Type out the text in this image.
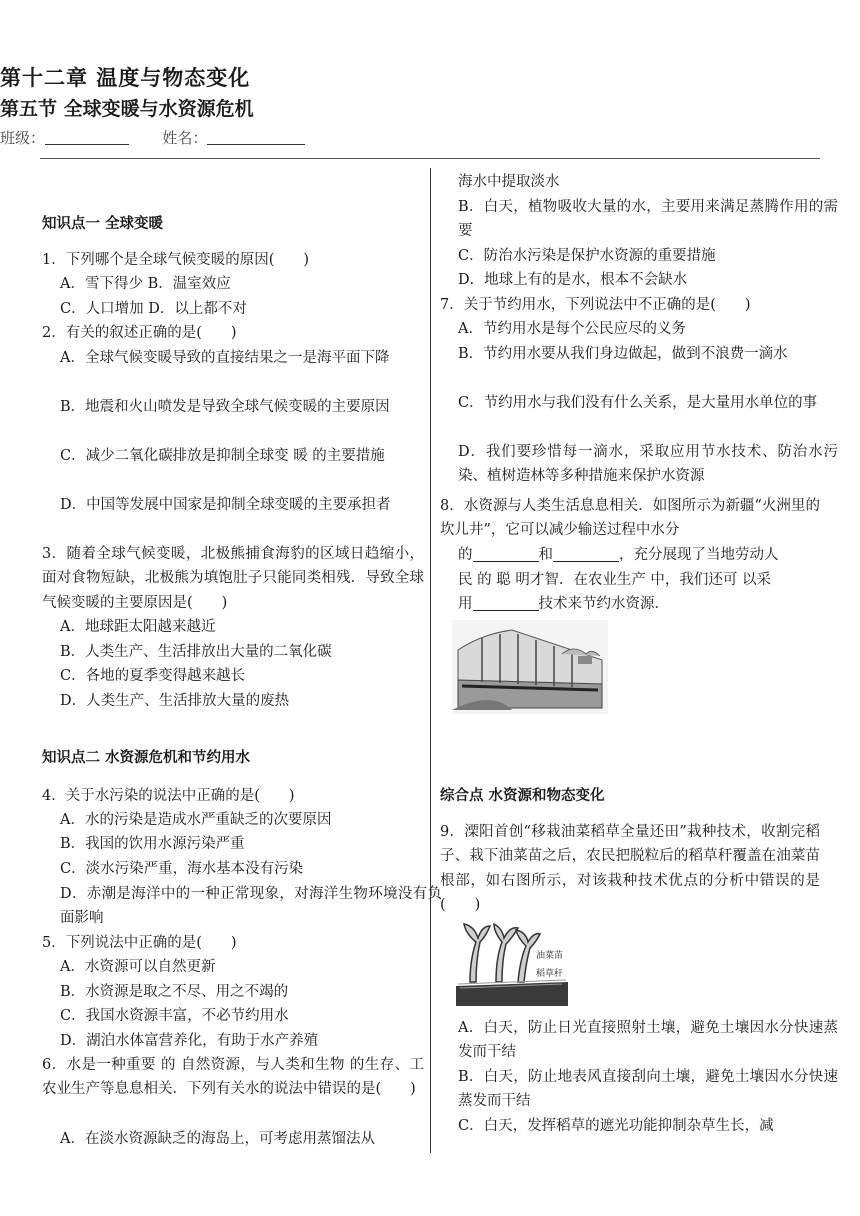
第十二章 温度与物态变化
第五节 全球变暖与水资源危机
班级：	姓名：
知识点一 全球变暖
1．下列哪个是全球气候变暖的原因(　　)
A．雪下得少 B．温室效应
C．人口增加 D．以上都不对
2．有关的叙述正确的是(　　)
A．全球气候变暖导致的直接结果之一是海平面下降
B．地震和火山喷发是导致全球气候变暖的主要原因
C．减少二氧化碳排放是抑制全球变 暖 的主要措施
D．中国等发展中国家是抑制全球变暖的主要承担者
3．随着全球气候变暖，北极熊捕食海豹的区域日趋缩小，面对食物短缺，北极熊为填饱肚子只能同类相残．导致全球气候变暖的主要原因是(　　)
A．地球距太阳越来越近
B．人类生产、生活排放出大量的二氧化碳
C．各地的夏季变得越来越长
D．人类生产、生活排放大量的废热
知识点二 水资源危机和节约用水
4．关于水污染的说法中正确的是(　　)
A．水的污染是造成水严重缺乏的次要原因
B．我国的饮用水源污染严重
C．淡水污染严重，海水基本没有污染
D．赤潮是海洋中的一种正常现象，对海洋生物环境没有负面影响
5．下列说法中正确的是(　　)
A．水资源可以自然更新
B．水资源是取之不尽、用之不竭的
C．我国水资源丰富，不必节约用水
D．湖泊水体富营养化，有助于水产养殖
6．水是一种重要 的 自然资源，与人类和生物 的生存、工农业生产等息息相关．下列有关水的说法中错误的是(　　)
A．在淡水资源缺乏的海岛上，可考虑用蒸馏法从
海水中提取淡水
B．白天，植物吸收大量的水，主要用来满足蒸腾作用的需要
C．防治水污染是保护水资源的重要措施
D．地球上有的是水，根本不会缺水
7．关于节约用水，下列说法中不正确的是(　　)
A．节约用水是每个公民应尽的义务
B．节约用水要从我们身边做起，做到不浪费一滴水
C．节约用水与我们没有什么关系，是大量用水单位的事
D．我们要珍惜每一滴水，采取应用节水技术、防治水污染、植树造林等多种措施来保护水资源
8．水资源与人类生活息息相关．如图所示为新疆“火洲里的坎儿井”，它可以减少输送过程中水分
的	和	，充分展现了当地劳动人
民 的 聪 明才智．在农业生产 中，我们还可 以采
用	技术来节约水资源．
综合点 水资源和物态变化
9．溧阳首创“移栽油菜稻草全量还田”栽种技术，收割完稻子、栽下油菜苗之后，农民把脱粒后的稻草秆覆盖在油菜苗根部，如右图所示，对该栽种技术优点的分析中错误的是(　　)
A．白天，防止日光直接照射土壤，避免土壤因水分快速蒸发而干结
B．白天，防止地表风直接刮向土壤，避免土壤因水分快速蒸发而干结
C．白天，发挥稻草的遮光功能抑制杂草生长，减
油菜苗
稻草秆
